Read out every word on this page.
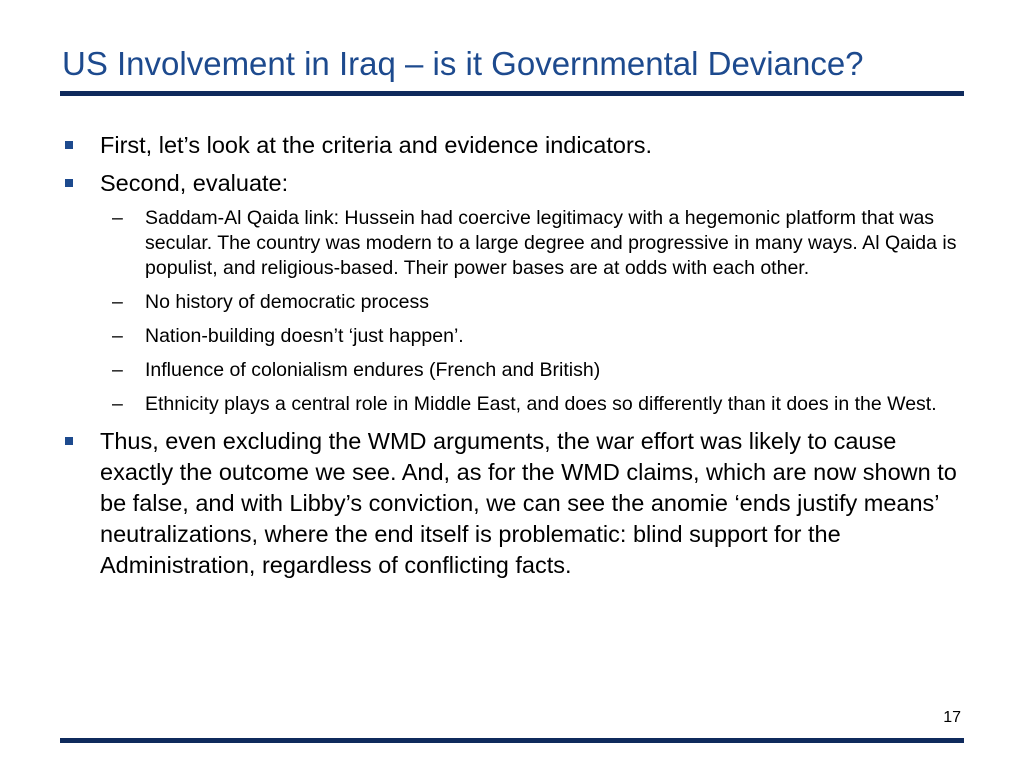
US Involvement in Iraq – is it Governmental Deviance?
First, let’s look at the criteria and evidence indicators.
Second, evaluate:
– Saddam-Al Qaida link: Hussein had coercive legitimacy with a hegemonic platform that was secular. The country was modern to a large degree and progressive in many ways. Al Qaida is populist, and religious-based. Their power bases are at odds with each other.
– No history of democratic process
– Nation-building doesn’t ‘just happen’.
– Influence of colonialism endures (French and British)
– Ethnicity plays a central role in Middle East, and does so differently than it does in the West.
Thus, even excluding the WMD arguments, the war effort was likely to cause exactly the outcome we see. And, as for the WMD claims, which are now shown to be false, and with Libby’s conviction, we can see the anomie ‘ends justify means’ neutralizations, where the end itself is problematic: blind support for the Administration, regardless of conflicting facts.
17
